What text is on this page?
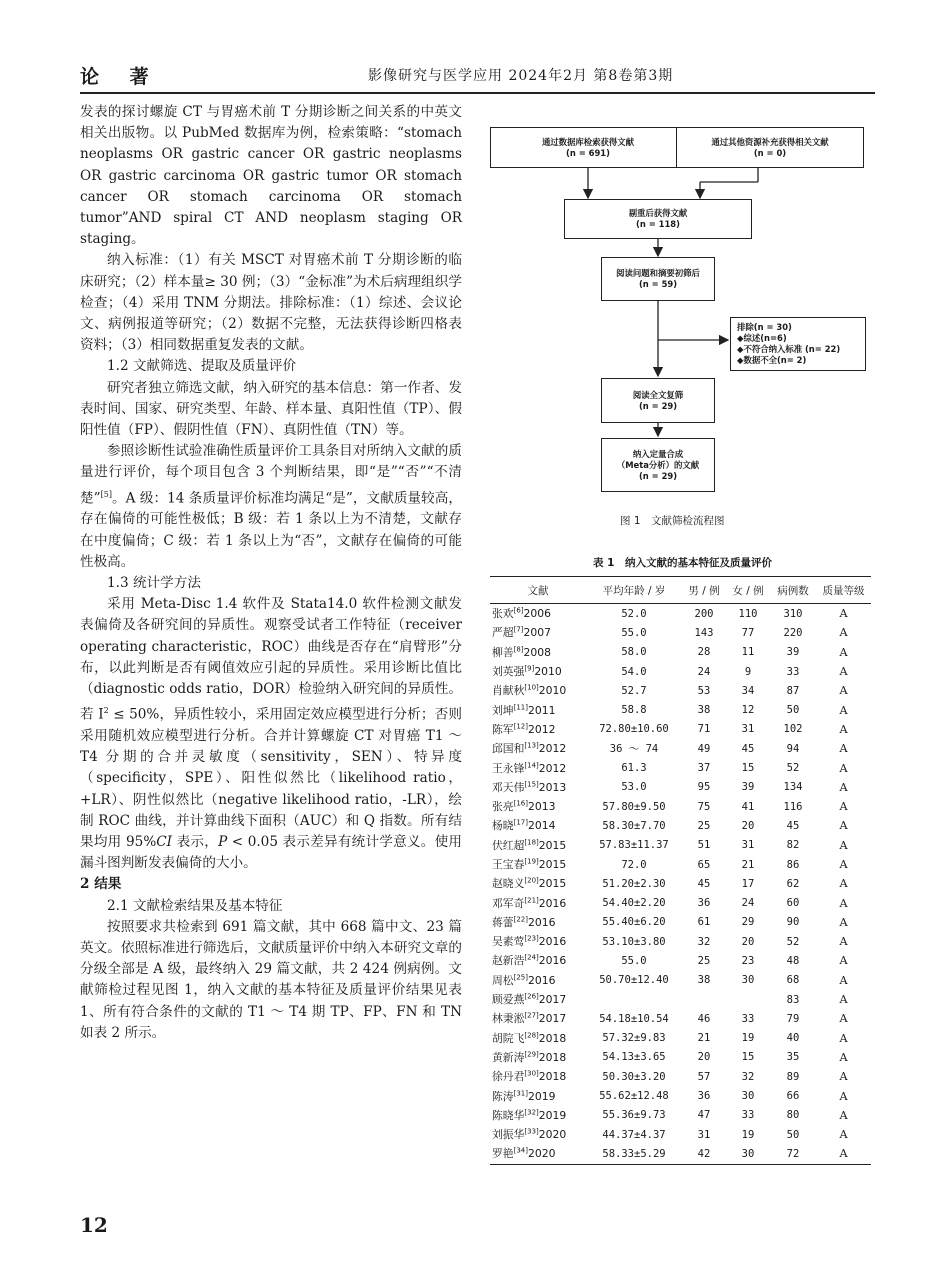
论 著	影像研究与医学应用 2024年2月 第8卷第3期

发表的探讨螺旋 CT 与胃癌术前 T 分期诊断之间关系的中英文相关出版物。以 PubMed 数据库为例，检索策略：“stomach neoplasms OR gastric cancer OR gastric neoplasms OR gastric carcinoma OR gastric tumor OR stomach cancer OR stomach carcinoma OR stomach tumor”AND spiral CT AND neoplasm staging OR staging。

纳入标准：（1）有关 MSCT 对胃癌术前 T 分期诊断的临床研究；（2）样本量≥ 30 例；（3）“金标准”为术后病理组织学检查；（4）采用 TNM 分期法。排除标准：（1）综述、会议论文、病例报道等研究；（2）数据不完整，无法获得诊断四格表资料；（3）相同数据重复发表的文献。

1.2 文献筛选、提取及质量评价

研究者独立筛选文献，纳入研究的基本信息：第一作者、发表时间、国家、研究类型、年龄、样本量、真阳性值（TP）、假阳性值（FP）、假阴性值（FN）、真阴性值（TN）等。

参照诊断性试验准确性质量评价工具条目对所纳入文献的质量进行评价，每个项目包含 3 个判断结果，即“是”“否”“不清楚”[5]。A 级：14 条质量评价标准均满足“是”，文献质量较高，存在偏倚的可能性极低；B 级：若 1 条以上为不清楚，文献存在中度偏倚；C 级：若 1 条以上为“否”，文献存在偏倚的可能性极高。

1.3 统计学方法

采用 Meta-Disc 1.4 软件及 Stata14.0 软件检测文献发表偏倚及各研究间的异质性。观察受试者工作特征（receiver operating characteristic，ROC）曲线是否存在“肩臂形”分布，以此判断是否有阈值效应引起的异质性。采用诊断比值比（diagnostic odds ratio，DOR）检验纳入研究间的异质性。若 $I^2 \le 50\%$，异质性较小，采用固定效应模型进行分析；否则采用随机效应模型进行分析。合并计算螺旋 CT 对胃癌 T1 ～ T4 分期的合并灵敏度（sensitivity，SEN）、特异度（specificity，SPE）、阳性似然比（likelihood ratio，+LR）、阴性似然比（negative likelihood ratio，-LR），绘制 ROC 曲线，并计算曲线下面积（AUC）和 Q 指数。所有结果均用 95%CI 表示，P < 0.05 表示差异有统计学意义。使用漏斗图判断发表偏倚的大小。

2 结果

2.1 文献检索结果及基本特征

按照要求共检索到 691 篇文献，其中 668 篇中文、23 篇英文。依照标准进行筛选后，文献质量评价中纳入本研究文章的分级全部是 A 级，最终纳入 29 篇文献，共 2 424 例病例。文献筛检过程见图 1，纳入文献的基本特征及质量评价结果见表 1、所有符合条件的文献的 T1 ～ T4 期 TP、FP、FN 和 TN 如表 2 所示。

12
通过数据库检索获得文献
(n = 691)
通过其他资源补充获得相关文献
(n = 0)
剔重后获得文献
(n = 118)
阅读问题和摘要初筛后
(n = 59)
排除(n = 30)
◆综述(n=6)
◆不符合纳入标准 (n= 22)
◆数据不全(n= 2)
阅读全文复筛
(n = 29)
纳入定量合成
（Meta分析）的文献
(n = 29)
图 1　文献筛检流程图
表 1　纳入文献的基本特征及质量评价
文献	平均年龄 / 岁	男 / 例	女 / 例	病例数	质量等级
张欢[6]2006	52.0	200	110	310	A
严超[7]2007	55.0	143	77	220	A
柳善[8]2008	58.0	28	11	39	A
刘英强[9]2010	54.0	24	9	33	A
肖献秋[10]2010	52.7	53	34	87	A
刘坤[11]2011	58.8	38	12	50	A
陈军[12]2012	72.80±10.60	71	31	102	A
邱国和[13]2012	36 ～ 74	49	45	94	A
王永锋[14]2012	61.3	37	15	52	A
邓天伟[15]2013	53.0	95	39	134	A
张亮[16]2013	57.80±9.50	75	41	116	A
杨晓[17]2014	58.30±7.70	25	20	45	A
伏红超[18]2015	57.83±11.37	51	31	82	A
王宝春[19]2015	72.0	65	21	86	A
赵晓义[20]2015	51.20±2.30	45	17	62	A
邓军奇[21]2016	54.40±2.20	36	24	60	A
蒋蕾[22]2016	55.40±6.20	61	29	90	A
吴素莺[23]2016	53.10±3.80	32	20	52	A
赵新浩[24]2016	55.0	25	23	48	A
周松[25]2016	50.70±12.40	38	30	68	A
顾爱燕[26]2017				83	A
林秉淞[27]2017	54.18±10.54	46	33	79	A
胡院飞[28]2018	57.32±9.83	21	19	40	A
黄新涛[29]2018	54.13±3.65	20	15	35	A
徐丹君[30]2018	50.30±3.20	57	32	89	A
陈涛[31]2019	55.62±12.48	36	30	66	A
陈晓华[32]2019	55.36±9.73	47	33	80	A
刘振华[33]2020	44.37±4.37	31	19	50	A
罗艳[34]2020	58.33±5.29	42	30	72	A
